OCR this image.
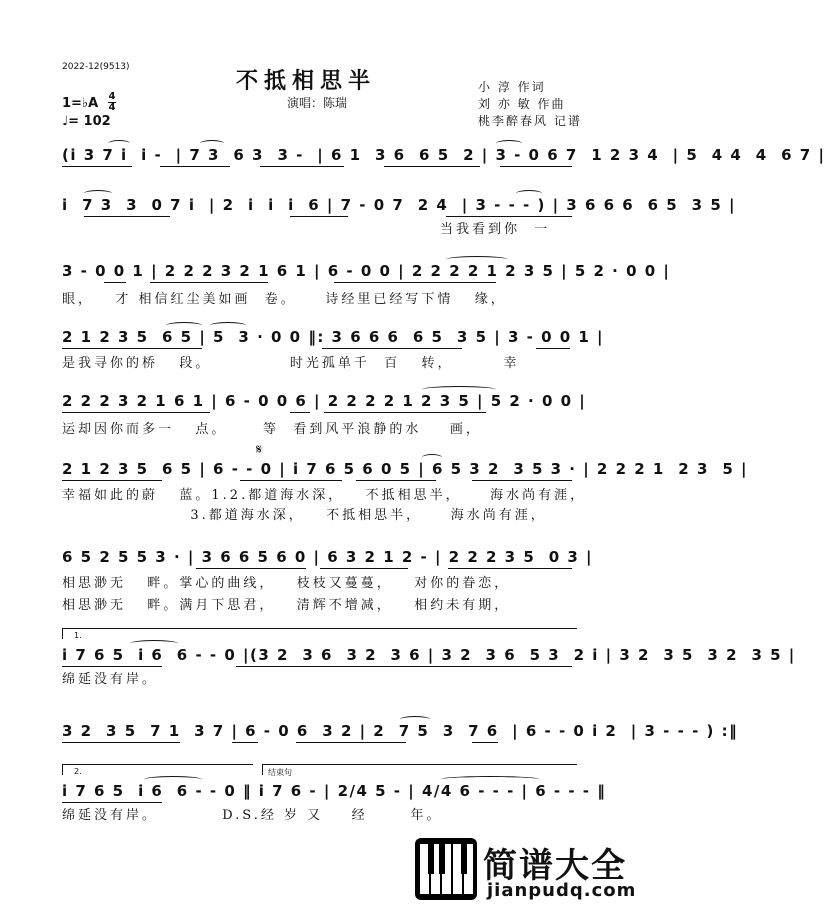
2022-12(9513)
不抵相思半
演唱：陈瑞
小 淳 作词
刘 亦 敏 作曲
桃李醉春风 记谱
1=♭A 4
4
♩= 102
(i 3 7 i  i -  | 7 3  6 3  3 -  | 6 1  3 6  6 5  2 | 3 - 0 6 7  1 2 3 4  | 5  4 4  4  6 7 |
i  7 3  3  0 7 i  | 2  i  i  i  6 | 7 - 0 7  2 4  | 3 - - - ) | 3 6 6 6  6 5  3 5 |
当我看到你  一
3 - 0 0 1 | 2 2 2 3 2 1 6 1 | 6 - 0 0 | 2 2 2 2 1 2 3 5 | 5 2 · 0 0 |
眼，   才 相信红尘美如画  卷。    诗经里已经写下情   缘，
2 1 2 3 5  6 5 | 5  3 · 0 0 ‖: 3 6 6 6  6 5  3 5 | 3 - 0 0 1 |
是我寻你的桥   段。           时光孤单千  百   转，       幸
2 2 2 3 2 1 6 1 | 6 - 0 0 6 | 2 2 2 2 1 2 3 5 | 5 2 · 0 0 |
运却因你而多一   点。     等  看到风平浪静的水    画，
𝄋
2 1 2 3 5  6 5 | 6 - - 0 | i 7 6 5 6 0 5 | 6 5 3 2  3 5 3 · | 2 2 2 1  2 3  5 |
幸福如此的蔚   蓝。1.2.都道海水深，   不抵相思半，    海水尚有涯，
3.都道海水深，   不抵相思半，    海水尚有涯，
6 5 2 5 5 3 · | 3 6 6 5 6 0 | 6 3 2 1 2 - | 2 2 2 3 5  0 3 |
相思渺无   畔。掌心的曲线，   枝枝又蔓蔓，   对你的眷恋，
相思渺无   畔。满月下思君，   清辉不增减，   相约未有期，
1.
i 7 6 5  i 6  6 - - 0 |(3 2  3 6  3 2  3 6 | 3 2  3 6  5 3  2 i | 3 2  3 5  3 2  3 5 |
绵延没有岸。
3 2  3 5  7 1  3 7 | 6 - 0 6  3 2 | 2  7 5  3  7 6  | 6 - - 0 i 2  | 3 - - - ) :‖
2.	结束句
i 7 6 5  i 6  6 - - 0 ‖ i 7 6 - | 2/4 5 - | 4/4 6 - - - | 6 - - - ‖
绵延没有岸。         D.S.经 岁 又    经      年。
简谱大全
jianpudq.com
